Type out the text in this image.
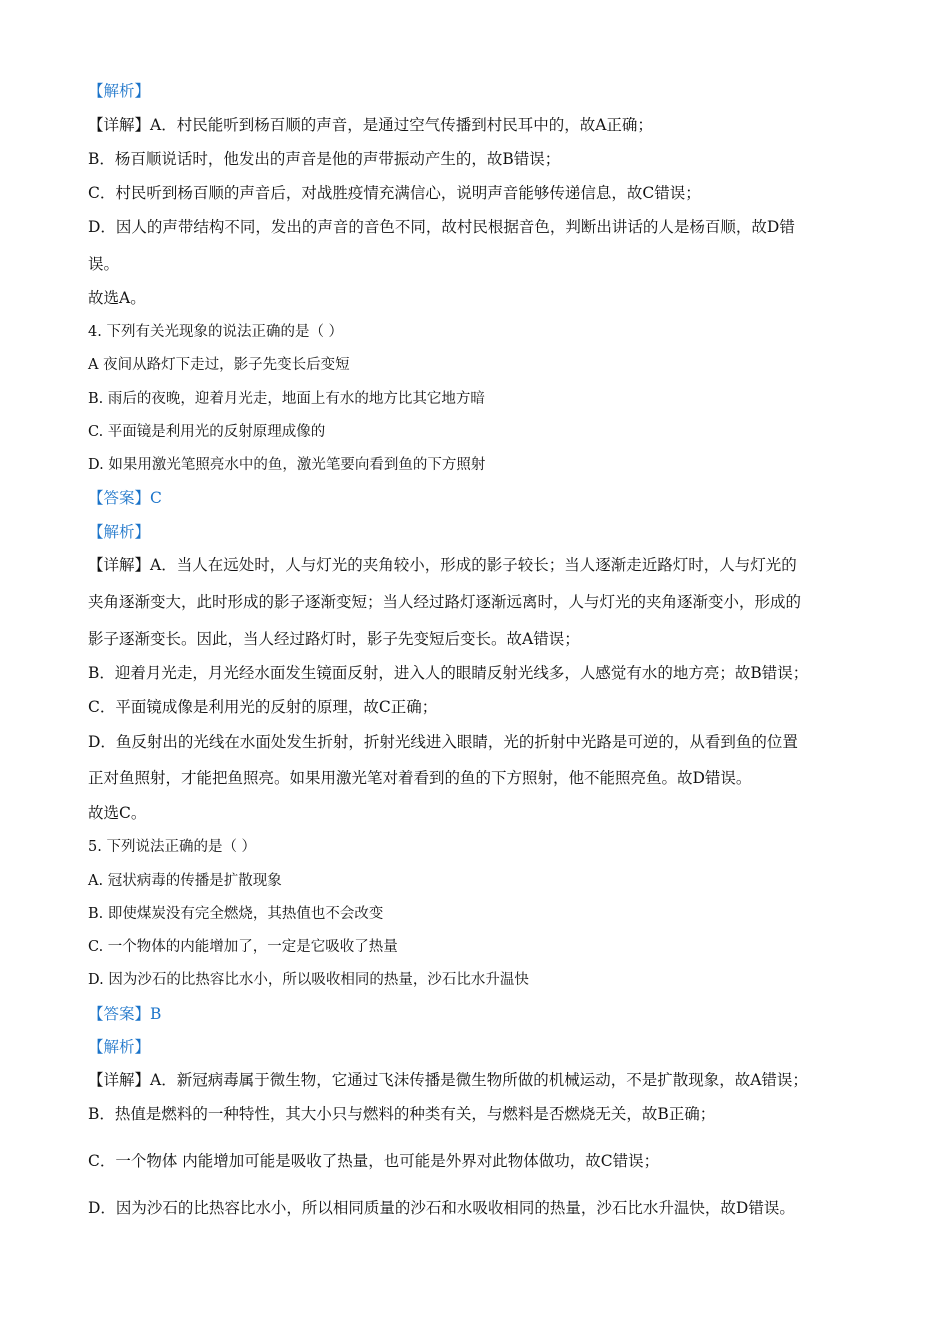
【解析】
【详解】A．村民能听到杨百顺的声音，是通过空气传播到村民耳中的，故A正确；
B．杨百顺说话时，他发出的声音是他的声带振动产生的，故B错误；
C．村民听到杨百顺的声音后，对战胜疫情充满信心，说明声音能够传递信息，故C错误；
D．因人的声带结构不同，发出的声音的音色不同，故村民根据音色，判断出讲话的人是杨百顺，故D错
误。
故选A。
4. 下列有关光现象的说法正确的是（ ）
A 夜间从路灯下走过，影子先变长后变短
B. 雨后的夜晚，迎着月光走，地面上有水的地方比其它地方暗
C. 平面镜是利用光的反射原理成像的
D. 如果用激光笔照亮水中的鱼，激光笔要向看到鱼的下方照射
【答案】C
【解析】
【详解】A．当人在远处时，人与灯光的夹角较小，形成的影子较长；当人逐渐走近路灯时，人与灯光的
夹角逐渐变大，此时形成的影子逐渐变短；当人经过路灯逐渐远离时，人与灯光的夹角逐渐变小，形成的
影子逐渐变长。因此，当人经过路灯时，影子先变短后变长。故A错误；
B．迎着月光走，月光经水面发生镜面反射，进入人的眼睛反射光线多，人感觉有水的地方亮；故B错误；
C．平面镜成像是利用光的反射的原理，故C正确；
D．鱼反射出的光线在水面处发生折射，折射光线进入眼睛，光的折射中光路是可逆的，从看到鱼的位置
正对鱼照射，才能把鱼照亮。如果用激光笔对着看到的鱼的下方照射，他不能照亮鱼。故D错误。
故选C。
5. 下列说法正确的是（ ）
A. 冠状病毒的传播是扩散现象
B. 即使煤炭没有完全燃烧，其热值也不会改变
C. 一个物体的内能增加了，一定是它吸收了热量
D. 因为沙石的比热容比水小，所以吸收相同的热量，沙石比水升温快
【答案】B
【解析】
【详解】A．新冠病毒属于微生物，它通过飞沫传播是微生物所做的机械运动，不是扩散现象，故A错误；
B．热值是燃料的一种特性，其大小只与燃料的种类有关，与燃料是否燃烧无关，故B正确；
C．一个物体 内能增加可能是吸收了热量，也可能是外界对此物体做功，故C错误；
D．因为沙石的比热容比水小，所以相同质量的沙石和水吸收相同的热量，沙石比水升温快，故D错误。
